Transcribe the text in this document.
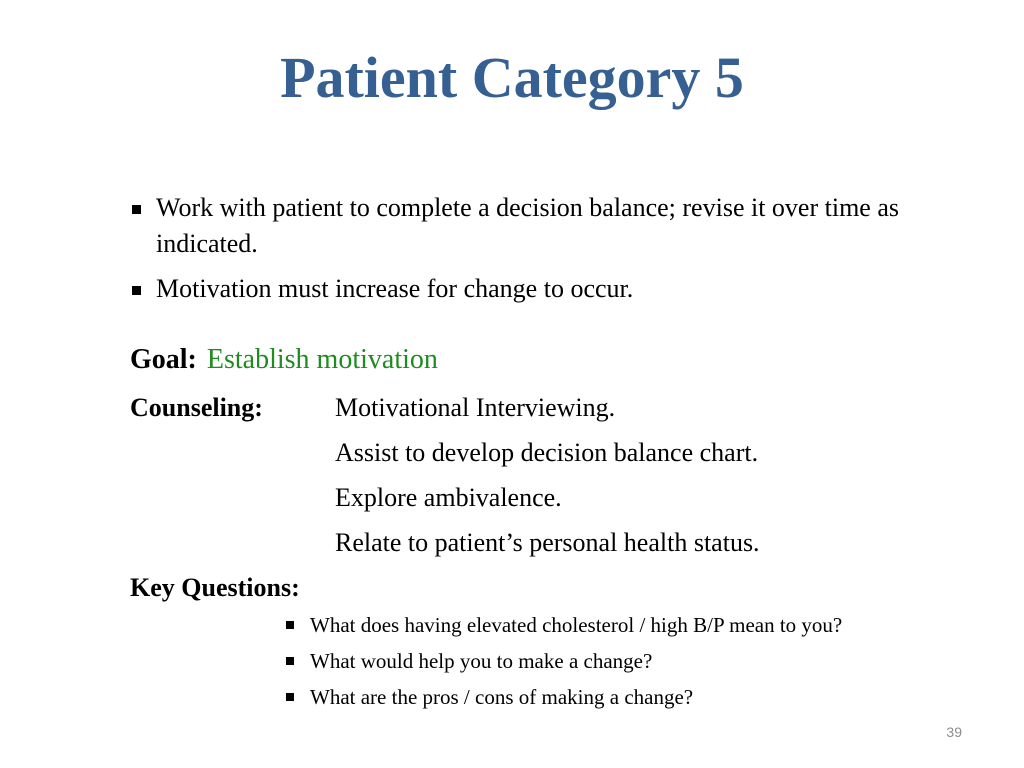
Patient Category 5
Work with patient to complete a decision balance; revise it over time as indicated.
Motivation must increase for change to occur.
Goal: Establish motivation
Counseling:	Motivational Interviewing.
Assist to develop decision balance chart.
Explore ambivalence.
Relate to patient’s personal health status.
Key Questions:
What does having elevated cholesterol / high B/P mean to you?
What would help you to make a change?
What are the pros / cons of making a change?
39
